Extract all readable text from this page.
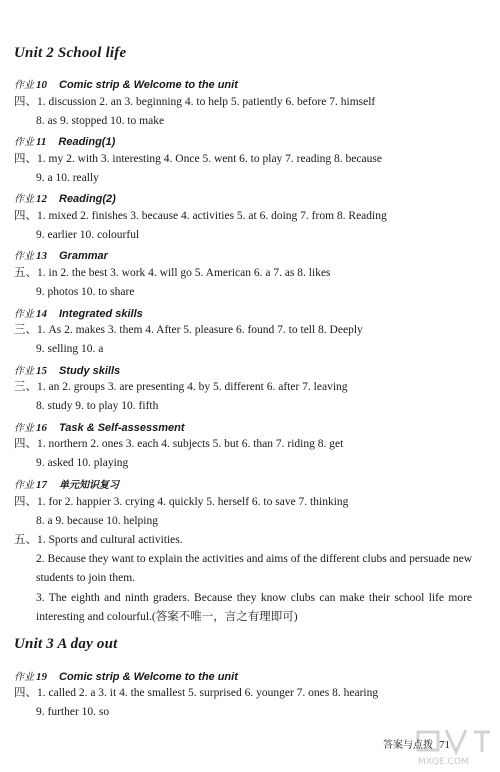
Unit 2 School life
作业 10 Comic strip & Welcome to the unit
四、1. discussion 2. an 3. beginning 4. to help 5. patiently 6. before 7. himself
8. as 9. stopped 10. to make
作业 11 Reading(1)
四、1. my 2. with 3. interesting 4. Once 5. went 6. to play 7. reading 8. because
9. a 10. really
作业 12 Reading(2)
四、1. mixed 2. finishes 3. because 4. activities 5. at 6. doing 7. from 8. Reading
9. earlier 10. colourful
作业 13 Grammar
五、1. in 2. the best 3. work 4. will go 5. American 6. a 7. as 8. likes
9. photos 10. to share
作业 14 Integrated skills
三、1. As 2. makes 3. them 4. After 5. pleasure 6. found 7. to tell 8. Deeply
9. selling 10. a
作业 15 Study skills
三、1. an 2. groups 3. are presenting 4. by 5. different 6. after 7. leaving
8. study 9. to play 10. fifth
作业 16 Task & Self-assessment
四、1. northern 2. ones 3. each 4. subjects 5. but 6. than 7. riding 8. get
9. asked 10. playing
作业 17 单元知识复习
四、1. for 2. happier 3. crying 4. quickly 5. herself 6. to save 7. thinking
8. a 9. because 10. helping
五、1. Sports and cultural activities.
2. Because they want to explain the activities and aims of the different clubs and persuade new students to join them.
3. The eighth and ninth graders. Because they know clubs can make their school life more interesting and colourful.(答案不唯一，言之有理即可)
Unit 3 A day out
作业 19 Comic strip & Welcome to the unit
四、1. called 2. a 3. it 4. the smallest 5. surprised 6. younger 7. ones 8. hearing
9. further 10. so
MXQE.COM
答案与点拨 71
